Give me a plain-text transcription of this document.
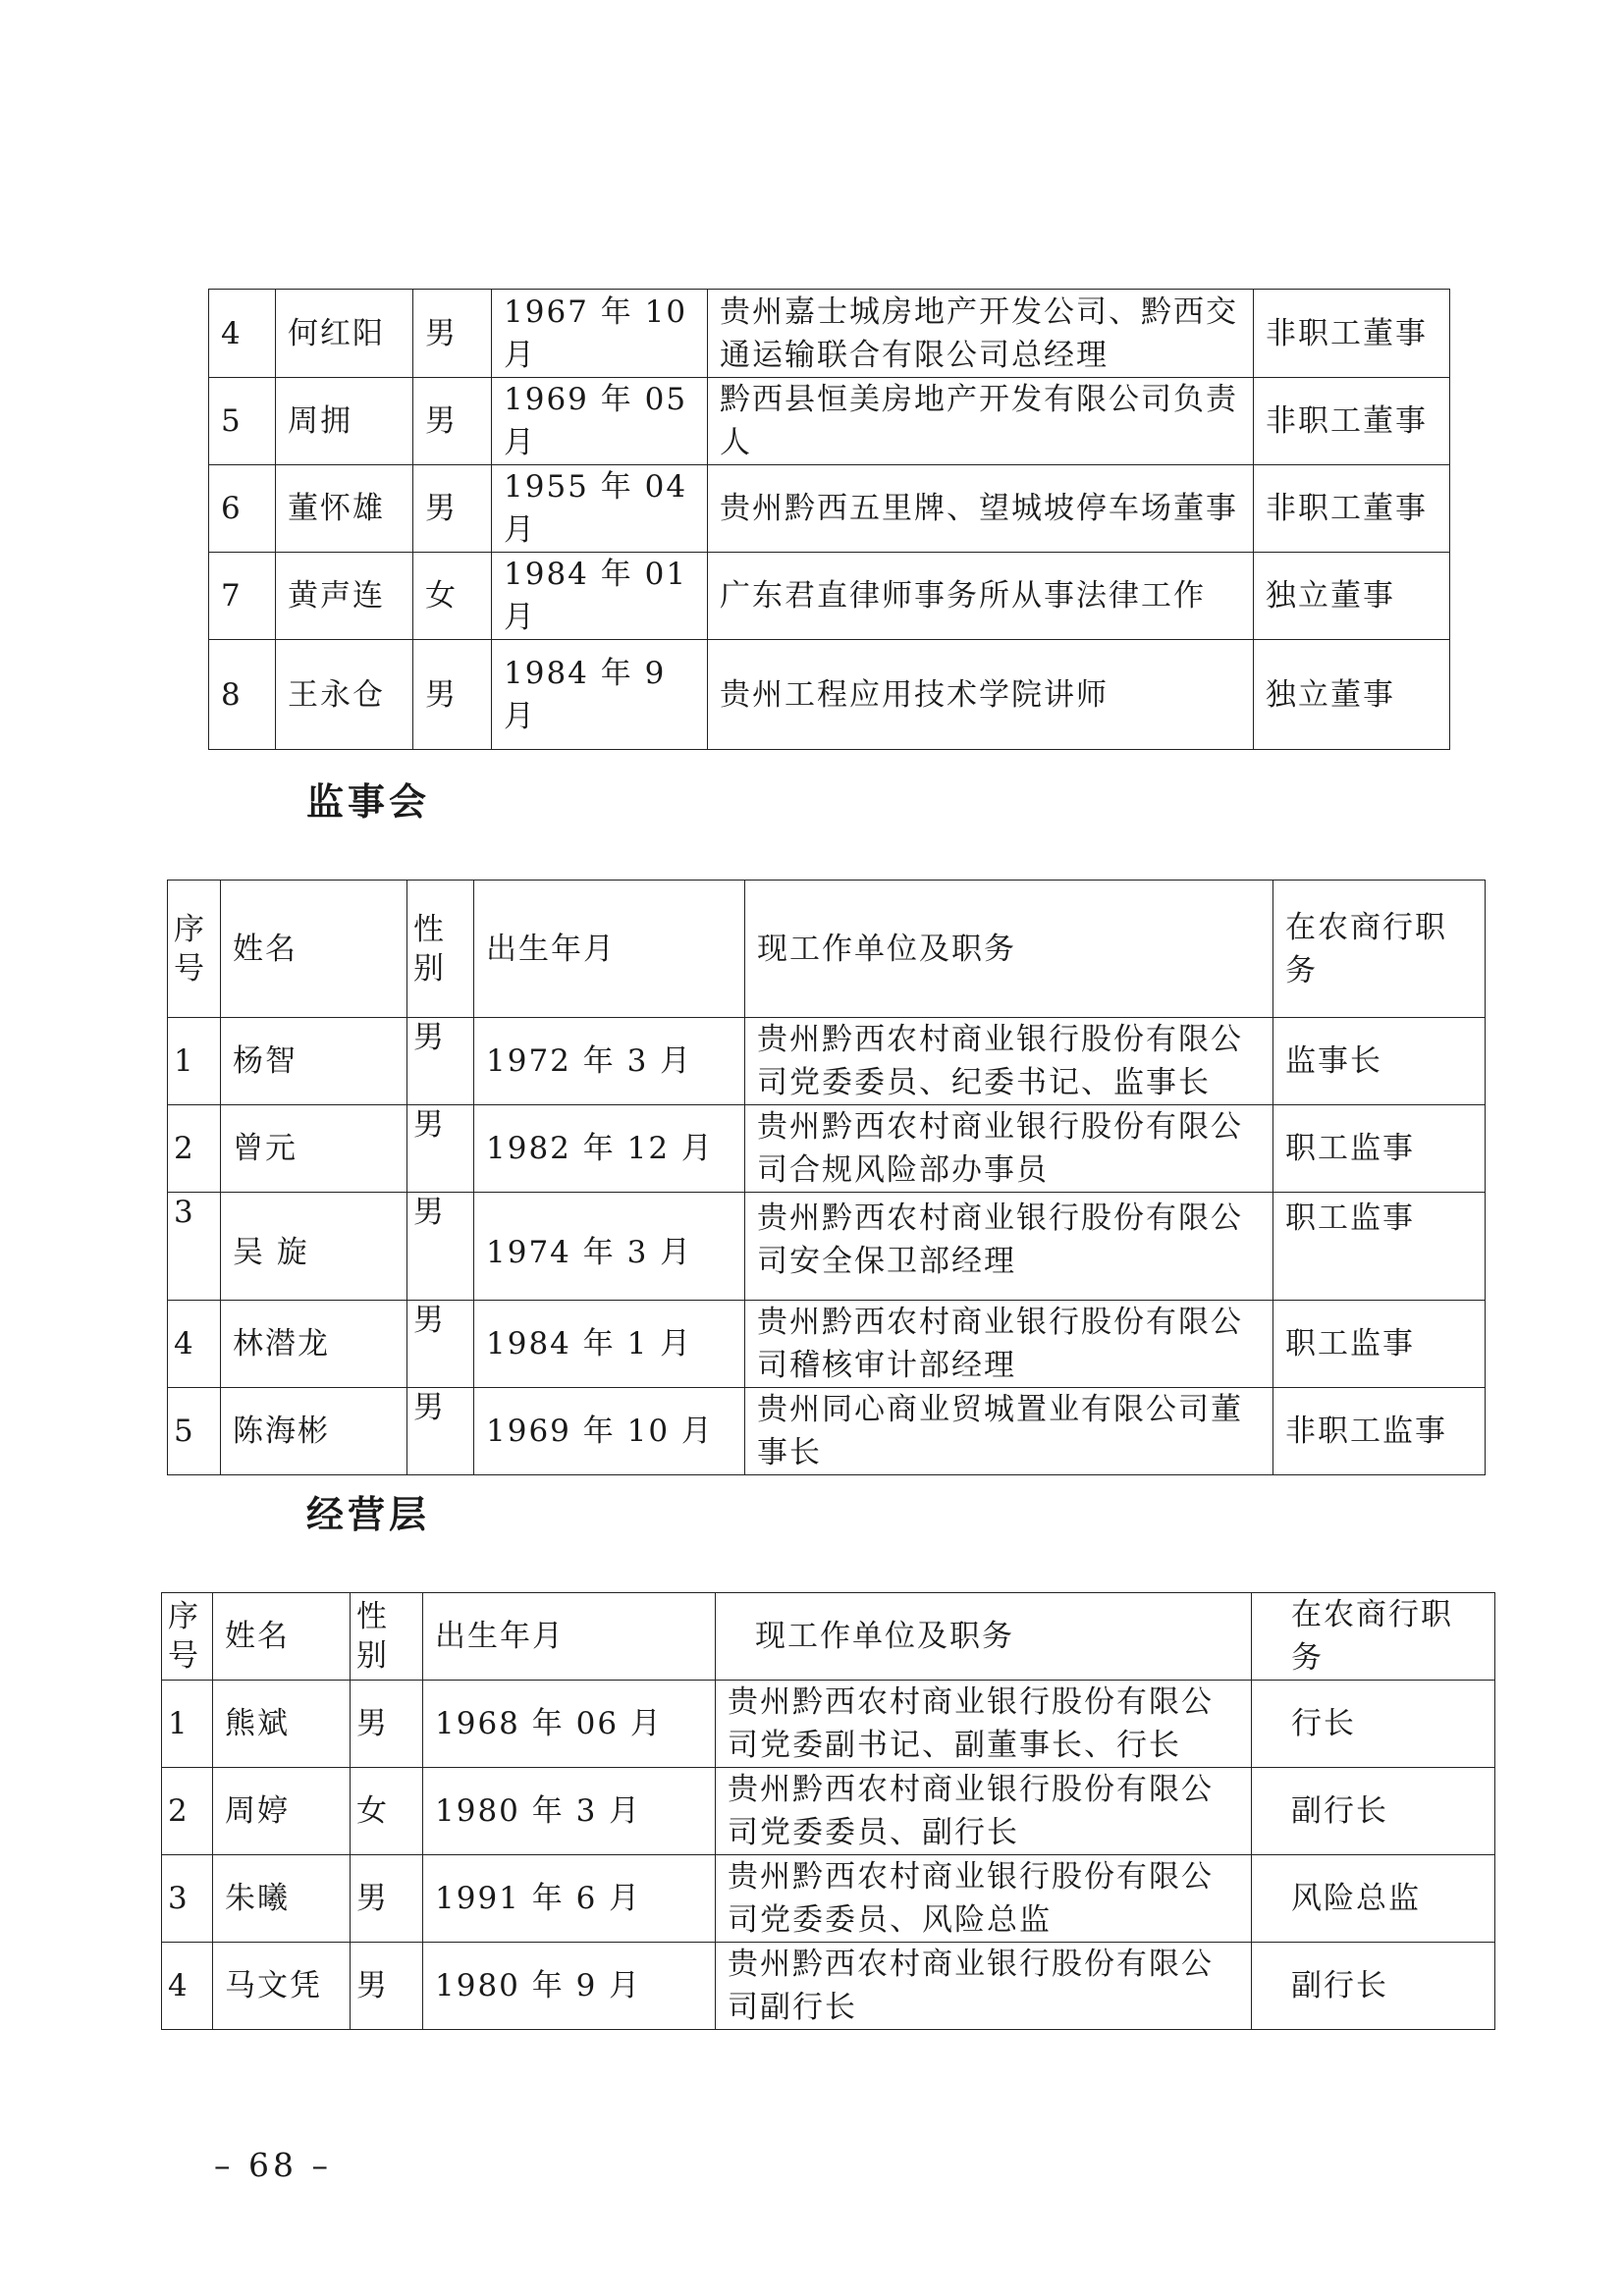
4	何红阳	男	1967 年 10 月	贵州嘉士城房地产开发公司、黔西交通运输联合有限公司总经理	非职工董事
5	周拥	男	1969 年 05 月	黔西县恒美房地产开发有限公司负责人	非职工董事
6	董怀雄	男	1955 年 04 月	贵州黔西五里牌、望城坡停车场董事	非职工董事
7	黄声连	女	1984 年 01 月	广东君直律师事务所从事法律工作	独立董事
8	王永仓	男	1984 年 9 月	贵州工程应用技术学院讲师	独立董事
监事会
序号	姓名	性别	出生年月	现工作单位及职务	在农商行职务
1	杨智	男	1972 年 3 月	贵州黔西农村商业银行股份有限公司党委委员、纪委书记、监事长	监事长
2	曾元	男	1982 年 12 月	贵州黔西农村商业银行股份有限公司合规风险部办事员	职工监事
3	吴 旋	男	1974 年 3 月	贵州黔西农村商业银行股份有限公司安全保卫部经理	职工监事
4	林潜龙	男	1984 年 1 月	贵州黔西农村商业银行股份有限公司稽核审计部经理	职工监事
5	陈海彬	男	1969 年 10 月	贵州同心商业贸城置业有限公司董事长	非职工监事
经营层
序号	姓名	性别	出生年月	现工作单位及职务	在农商行职务
1	熊斌	男	1968 年 06 月	贵州黔西农村商业银行股份有限公司党委副书记、副董事长、行长	行长
2	周婷	女	1980 年 3 月	贵州黔西农村商业银行股份有限公司党委委员、副行长	副行长
3	朱曦	男	1991 年 6 月	贵州黔西农村商业银行股份有限公司党委委员、风险总监	风险总监
4	马文凭	男	1980 年 9 月	贵州黔西农村商业银行股份有限公司副行长	副行长
– 68 –
